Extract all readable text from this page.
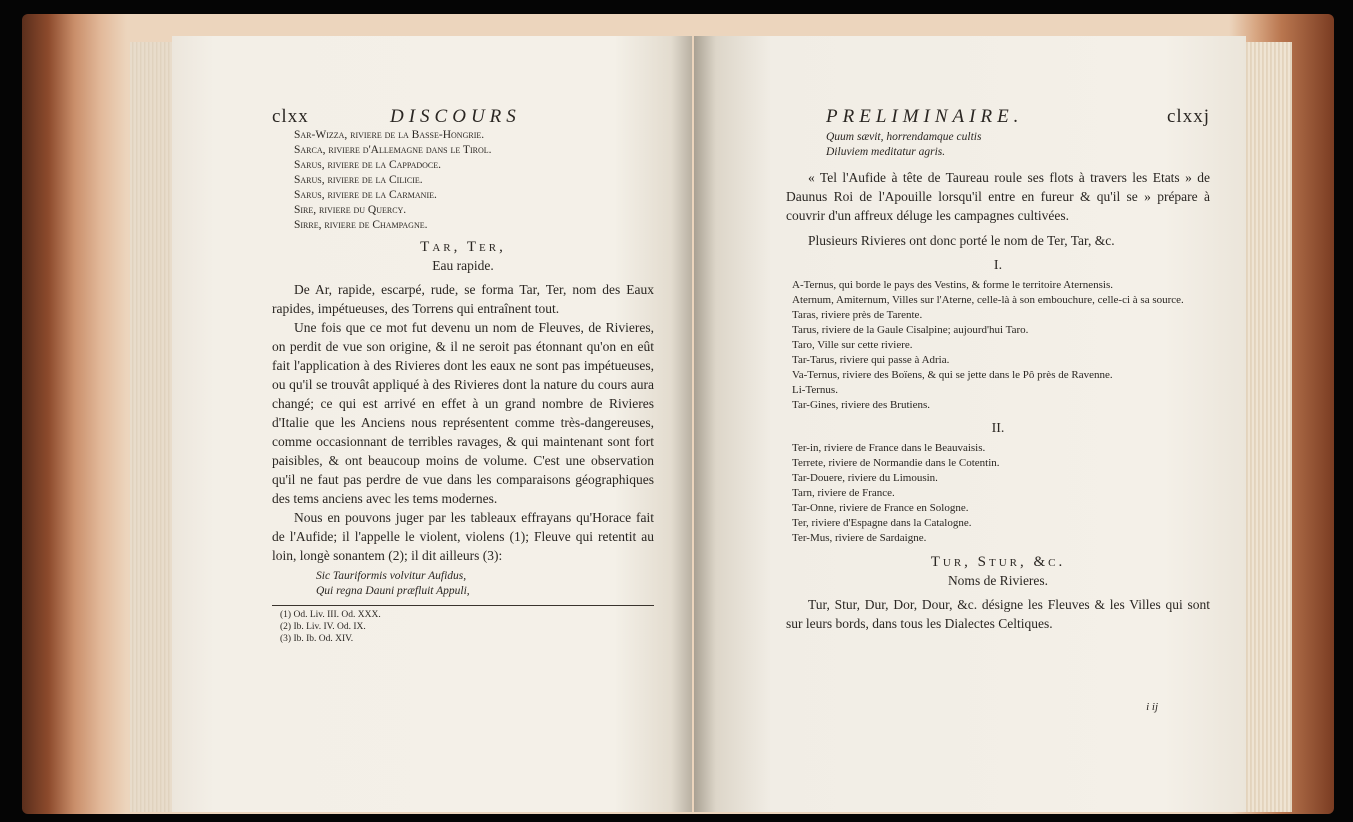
clxx	DISCOURS
Sar-Wizza, riviere de la Basse-Hongrie.
Sarca, riviere d'Allemagne dans le Tirol.
Sarus, riviere de la Cappadoce.
Sarus, riviere de la Cilicie.
Sarus, riviere de la Carmanie.
Sire, riviere du Quercy.
Sirre, riviere de Champagne.
Tar, Ter,
Eau rapide.

De Ar, rapide, escarpé, rude, se forma Tar, Ter, nom des Eaux rapides, impétueuses, des Torrens qui entraînent tout.

Une fois que ce mot fut devenu un nom de Fleuves, de Rivieres, on perdit de vue son origine, & il ne seroit pas étonnant qu'on en eût fait l'application à des Rivieres dont les eaux ne sont pas impétueuses, ou qu'il se trouvât appliqué à des Rivieres dont la nature du cours aura changé; ce qui est arrivé en effet à un grand nombre de Rivieres d'Italie que les Anciens nous représentent comme très-dangereuses, comme occasionnant de terribles ravages, & qui maintenant sont fort paisibles, & ont beaucoup moins de volume. C'est une observation qu'il ne faut pas perdre de vue dans les comparaisons géographiques des tems anciens avec les tems modernes.

Nous en pouvons juger par les tableaux effrayans qu'Horace fait de l'Aufide; il l'appelle le violent, violens (1); Fleuve qui retentit au loin, longè sonantem (2); il dit ailleurs (3):

Sic Tauriformis volvitur Aufidus,
Qui regna Dauni præfluit Appuli,
(1) Od. Liv. III. Od. XXX.
(2) Ib. Liv. IV. Od. IX.
(3) Ib. Ib. Od. XIV.
PRELIMINAIRE.	clxxj
Quum sævit, horrendamque cultis
Diluviem meditatur agris.

« Tel l'Aufide à tête de Taureau roule ses flots à travers les Etats » de Daunus Roi de l'Apouille lorsqu'il entre en fureur & qu'il se » prépare à couvrir d'un affreux déluge les campagnes cultivées.

Plusieurs Rivieres ont donc porté le nom de Ter, Tar, &c.

I.
A-Ternus, qui borde le pays des Vestins, & forme le territoire Aternensis.
Aternum, Amiternum, Villes sur l'Aterne, celle-là à son embouchure, celle-ci à sa source.
Taras, riviere près de Tarente.
Tarus, riviere de la Gaule Cisalpine; aujourd'hui Taro.
Taro, Ville sur cette riviere.
Tar-Tarus, riviere qui passe à Adria.
Va-Ternus, riviere des Boïens, & qui se jette dans le Pô près de Ravenne.
Li-Ternus.
Tar-Gines, riviere des Brutiens.
II.
Ter-in, riviere de France dans le Beauvaisis.
Terrete, riviere de Normandie dans le Cotentin.
Tar-Douere, riviere du Limousin.
Tarn, riviere de France.
Tar-Onne, riviere de France en Sologne.
Ter, riviere d'Espagne dans la Catalogne.
Ter-Mus, riviere de Sardaigne.
Tur, Stur, &c.
Noms de Rivieres.

Tur, Stur, Dur, Dor, Dour, &c. désigne les Fleuves & les Villes qui sont sur leurs bords, dans tous les Dialectes Celtiques.

i ij
